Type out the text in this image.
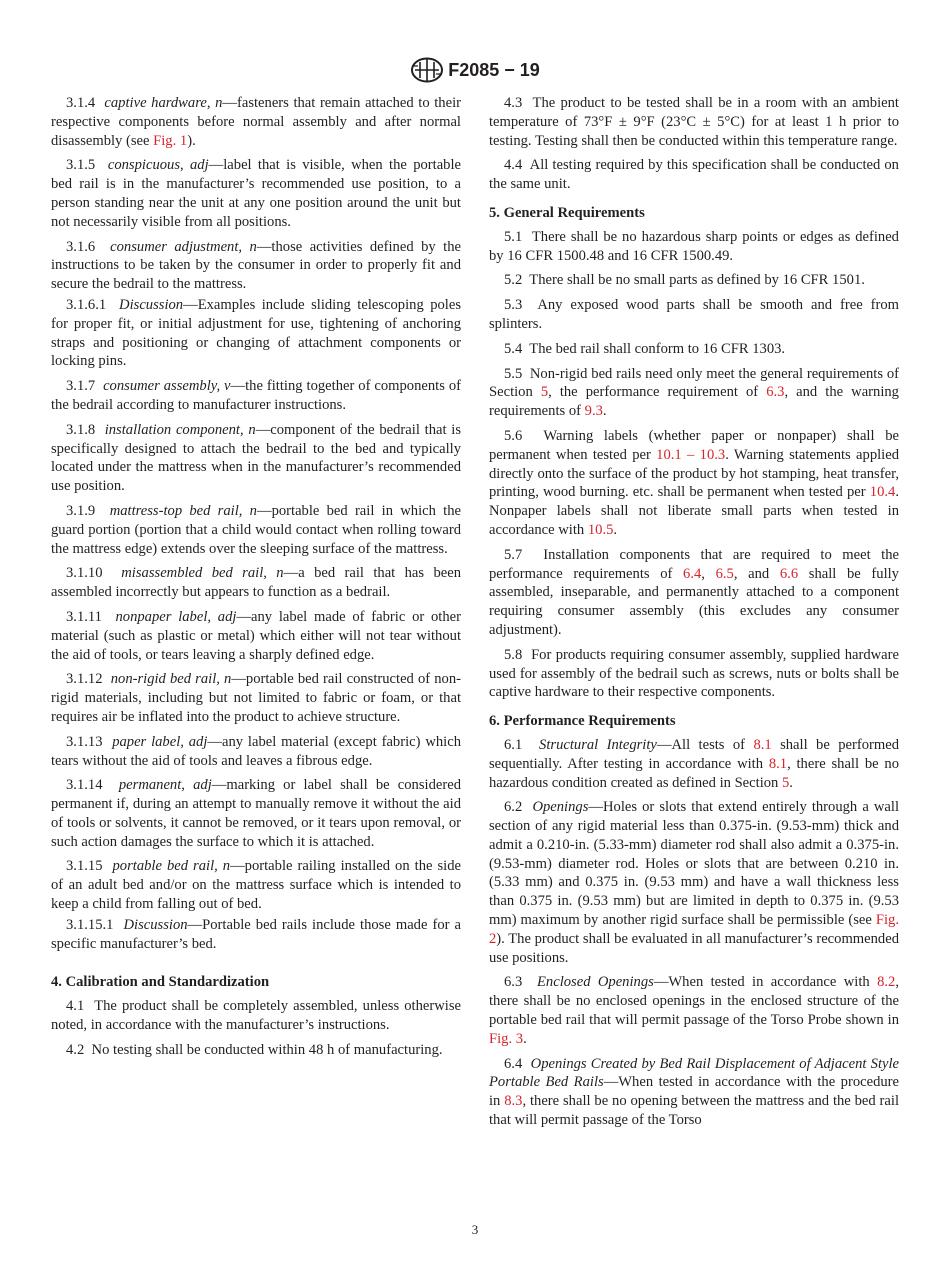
F2085 − 19

3.1.4 captive hardware, n—fasteners that remain attached to their respective components before normal assembly and after normal disassembly (see Fig. 1).

3.1.5 conspicuous, adj—label that is visible, when the portable bed rail is in the manufacturer’s recommended use position, to a person standing near the unit at any one position around the unit but not necessarily visible from all positions.

3.1.6 consumer adjustment, n—those activities defined by the instructions to be taken by the consumer in order to properly fit and secure the bedrail to the mattress.

3.1.6.1 Discussion—Examples include sliding telescoping poles for proper fit, or initial adjustment for use, tightening of anchoring straps and positioning or changing of attachment components or locking pins.

3.1.7 consumer assembly, v—the fitting together of components of the bedrail according to manufacturer instructions.

3.1.8 installation component, n—component of the bedrail that is specifically designed to attach the bedrail to the bed and typically located under the mattress when in the manufacturer’s recommended use position.

3.1.9 mattress-top bed rail, n—portable bed rail in which the guard portion (portion that a child would contact when rolling toward the mattress edge) extends over the sleeping surface of the mattress.

3.1.10 misassembled bed rail, n—a bed rail that has been assembled incorrectly but appears to function as a bedrail.

3.1.11 nonpaper label, adj—any label made of fabric or other material (such as plastic or metal) which either will not tear without the aid of tools, or tears leaving a sharply defined edge.

3.1.12 non-rigid bed rail, n—portable bed rail constructed of non-rigid materials, including but not limited to fabric or foam, or that requires air be inflated into the product to achieve structure.

3.1.13 paper label, adj—any label material (except fabric) which tears without the aid of tools and leaves a fibrous edge.

3.1.14 permanent, adj—marking or label shall be considered permanent if, during an attempt to manually remove it without the aid of tools or solvents, it cannot be removed, or it tears upon removal, or such action damages the surface to which it is attached.

3.1.15 portable bed rail, n—portable railing installed on the side of an adult bed and/or on the mattress surface which is intended to keep a child from falling out of bed.

3.1.15.1 Discussion—Portable bed rails include those made for a specific manufacturer’s bed.

4. Calibration and Standardization

4.1 The product shall be completely assembled, unless otherwise noted, in accordance with the manufacturer’s instructions.

4.2 No testing shall be conducted within 48 h of manufacturing.

4.3 The product to be tested shall be in a room with an ambient temperature of 73°F ± 9°F (23°C ± 5°C) for at least 1 h prior to testing. Testing shall then be conducted within this temperature range.

4.4 All testing required by this specification shall be conducted on the same unit.

5. General Requirements

5.1 There shall be no hazardous sharp points or edges as defined by 16 CFR 1500.48 and 16 CFR 1500.49.

5.2 There shall be no small parts as defined by 16 CFR 1501.

5.3 Any exposed wood parts shall be smooth and free from splinters.

5.4 The bed rail shall conform to 16 CFR 1303.

5.5 Non-rigid bed rails need only meet the general requirements of Section 5, the performance requirement of 6.3, and the warning requirements of 9.3.

5.6 Warning labels (whether paper or nonpaper) shall be permanent when tested per 10.1 – 10.3. Warning statements applied directly onto the surface of the product by hot stamping, heat transfer, printing, wood burning. etc. shall be permanent when tested per 10.4. Nonpaper labels shall not liberate small parts when tested in accordance with 10.5.

5.7 Installation components that are required to meet the performance requirements of 6.4, 6.5, and 6.6 shall be fully assembled, inseparable, and permanently attached to a component requiring consumer assembly (this excludes any consumer adjustment).

5.8 For products requiring consumer assembly, supplied hardware used for assembly of the bedrail such as screws, nuts or bolts shall be captive hardware to their respective components.

6. Performance Requirements

6.1 Structural Integrity—All tests of 8.1 shall be performed sequentially. After testing in accordance with 8.1, there shall be no hazardous condition created as defined in Section 5.

6.2 Openings—Holes or slots that extend entirely through a wall section of any rigid material less than 0.375-in. (9.53-mm) thick and admit a 0.210-in. (5.33-mm) diameter rod shall also admit a 0.375-in. (9.53-mm) diameter rod. Holes or slots that are between 0.210 in. (5.33 mm) and 0.375 in. (9.53 mm) and have a wall thickness less than 0.375 in. (9.53 mm) but are limited in depth to 0.375 in. (9.53 mm) maximum by another rigid surface shall be permissible (see Fig. 2). The product shall be evaluated in all manufacturer’s recommended use positions.

6.3 Enclosed Openings—When tested in accordance with 8.2, there shall be no enclosed openings in the enclosed structure of the portable bed rail that will permit passage of the Torso Probe shown in Fig. 3.

6.4 Openings Created by Bed Rail Displacement of Adjacent Style Portable Bed Rails—When tested in accordance with the procedure in 8.3, there shall be no opening between the mattress and the bed rail that will permit passage of the Torso

3
